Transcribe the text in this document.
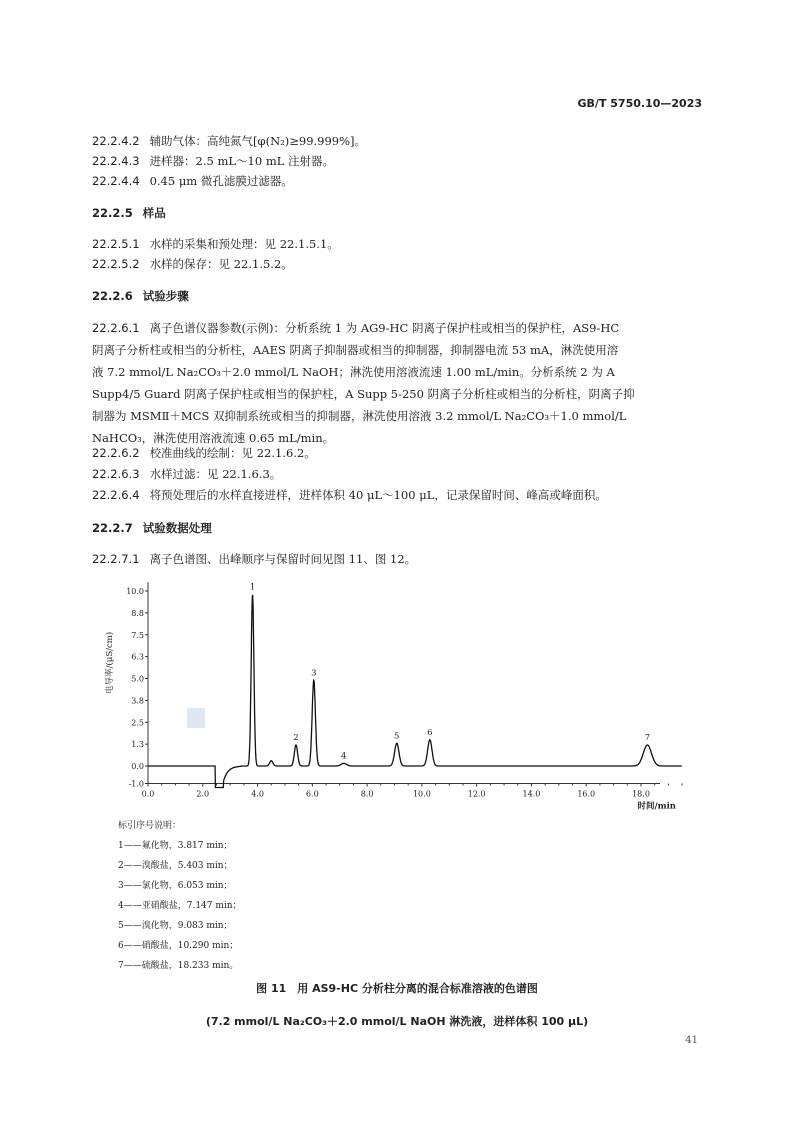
GB/T 5750.10—2023
22.2.4.2 辅助气体：高纯氮气[φ(N₂)≥99.999%]。
22.2.4.3 进样器：2.5 mL～10 mL 注射器。
22.2.4.4 0.45 μm 微孔滤膜过滤器。
22.2.5 样品
22.2.5.1 水样的采集和预处理：见 22.1.5.1。
22.2.5.2 水样的保存：见 22.1.5.2。
22.2.6 试验步骤
22.2.6.1 离子色谱仪器参数(示例)：分析系统 1 为 AG9-HC 阴离子保护柱或相当的保护柱，AS9-HC
阴离子分析柱或相当的分析柱，AAES 阴离子抑制器或相当的抑制器，抑制器电流 53 mA，淋洗使用溶
液 7.2 mmol/L Na₂CO₃＋2.0 mmol/L NaOH；淋洗使用溶液流速 1.00 mL/min。分析系统 2 为 A
Supp4/5 Guard 阴离子保护柱或相当的保护柱，A Supp 5-250 阴离子分析柱或相当的分析柱，阴离子抑
制器为 MSMⅡ＋MCS 双抑制系统或相当的抑制器，淋洗使用溶液 3.2 mmol/L Na₂CO₃＋1.0 mmol/L
NaHCO₃，淋洗使用溶液流速 0.65 mL/min。
22.2.6.2 校准曲线的绘制：见 22.1.6.2。
22.2.6.3 水样过滤：见 22.1.6.3。
22.2.6.4 将预处理后的水样直接进样，进样体积 40 μL～100 μL，记录保留时间、峰高或峰面积。
22.2.7 试验数据处理
22.2.7.1 离子色谱图、出峰顺序与保留时间见图 11、图 12。
-1.0
0.0
1.3
2.5
3.8
5.0
6.3
7.5
8.8
10.0
0.0	2.0	4.0	6.0	8.0	10.0	12.0	14.0	16.0	18.0
时间/min
电导率/(μS/cm)
1
2
3
4
5	6
7
标引序号说明：
1——氟化物，3.817 min；
2——溴酸盐，5.403 min；
3——氯化物，6.053 min；
4——亚硝酸盐，7.147 min；
5——溴化物，9.083 min；
6——硝酸盐，10.290 min；
7——硫酸盐，18.233 min。
图 11　用 AS9-HC 分析柱分离的混合标准溶液的色谱图
(7.2 mmol/L Na₂CO₃＋2.0 mmol/L NaOH 淋洗液，进样体积 100 μL)
41
